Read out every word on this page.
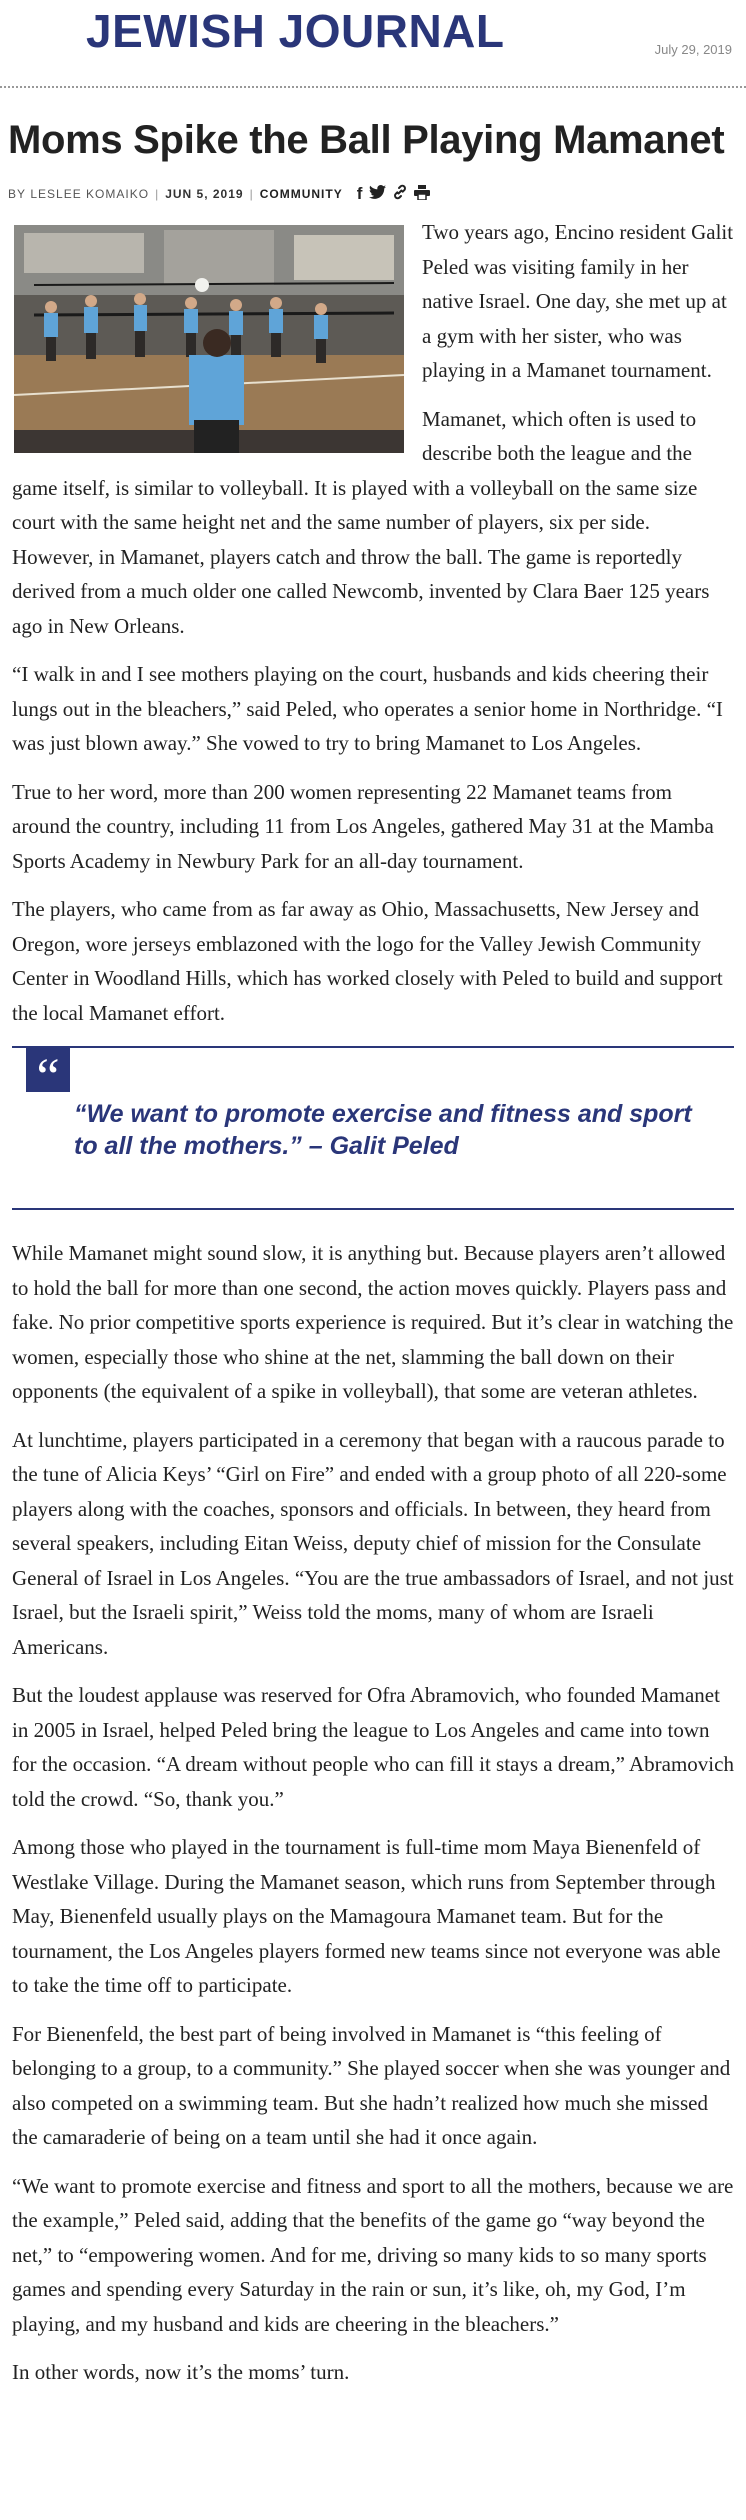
JEWISH JOURNAL	July 29, 2019
Moms Spike the Ball Playing Mamanet
BY
LESLEE KOMAIKO | JUN 5, 2019 | COMMUNITY f

Two years ago, Encino resident Galit Peled was visiting family in her native Israel. One day, she met up at a gym with her sister, who was playing in a Mamanet tournament.

Mamanet, which often is used to describe both the league and the game itself, is similar to volleyball. It is played with a volleyball on the same size court with the same height net and the same number of players, six per side. However, in Mamanet, players catch and throw the ball. The game is reportedly derived from a much older one called Newcomb, invented by Clara Baer 125 years ago in New Orleans.

“I walk in and I see mothers playing on the court, husbands and kids cheering their lungs out in the bleachers,” said Peled, who operates a senior home in Northridge. “I was just blown away.” She vowed to try to bring Mamanet to Los Angeles.

True to her word, more than 200 women representing 22 Mamanet teams from around the country, including 11 from Los Angeles, gathered May 31 at the Mamba Sports Academy in Newbury Park for an all-day tournament.

The players, who came from as far away as Ohio, Massachusetts, New Jersey and Oregon, wore jerseys emblazoned with the logo for the Valley Jewish Community Center in Woodland Hills, which has worked closely with Peled to build and support the local Mamanet effort.

“
“We want to promote exercise and fitness and sport to all the mothers.” – Galit Peled

While Mamanet might sound slow, it is anything but. Because players aren’t allowed to hold the ball for more than one second, the action moves quickly. Players pass and fake. No prior competitive sports experience is required. But it’s clear in watching the women, especially those who shine at the net, slamming the ball down on their opponents (the equivalent of a spike in volleyball), that some are veteran athletes.

At lunchtime, players participated in a ceremony that began with a raucous parade to the tune of Alicia Keys’ “Girl on Fire” and ended with a group photo of all 220-some players along with the coaches, sponsors and officials. In between, they heard from several speakers, including Eitan Weiss, deputy chief of mission for the Consulate General of Israel in Los Angeles. “You are the true ambassadors of Israel, and not just Israel, but the Israeli spirit,” Weiss told the moms, many of whom are Israeli Americans.

But the loudest applause was reserved for Ofra Abramovich, who founded Mamanet in 2005 in Israel, helped Peled bring the league to Los Angeles and came into town for the occasion. “A dream without people who can fill it stays a dream,” Abramovich told the crowd. “So, thank you.”

Among those who played in the tournament is full-time mom Maya Bienenfeld of Westlake Village. During the Mamanet season, which runs from September through May, Bienenfeld usually plays on the Mamagoura Mamanet team. But for the tournament, the Los Angeles players formed new teams since not everyone was able to take the time off to participate.

For Bienenfeld, the best part of being involved in Mamanet is “this feeling of belonging to a group, to a community.” She played soccer when she was younger and also competed on a swimming team. But she hadn’t realized how much she missed the camaraderie of being on a team until she had it once again.

“We want to promote exercise and fitness and sport to all the mothers, because we are the example,” Peled said, adding that the benefits of the game go “way beyond the net,” to “empowering women. And for me, driving so many kids to so many sports games and spending every Saturday in the rain or sun, it’s like, oh, my God, I’m playing, and my husband and kids are cheering in the bleachers.”

In other words, now it’s the moms’ turn.
